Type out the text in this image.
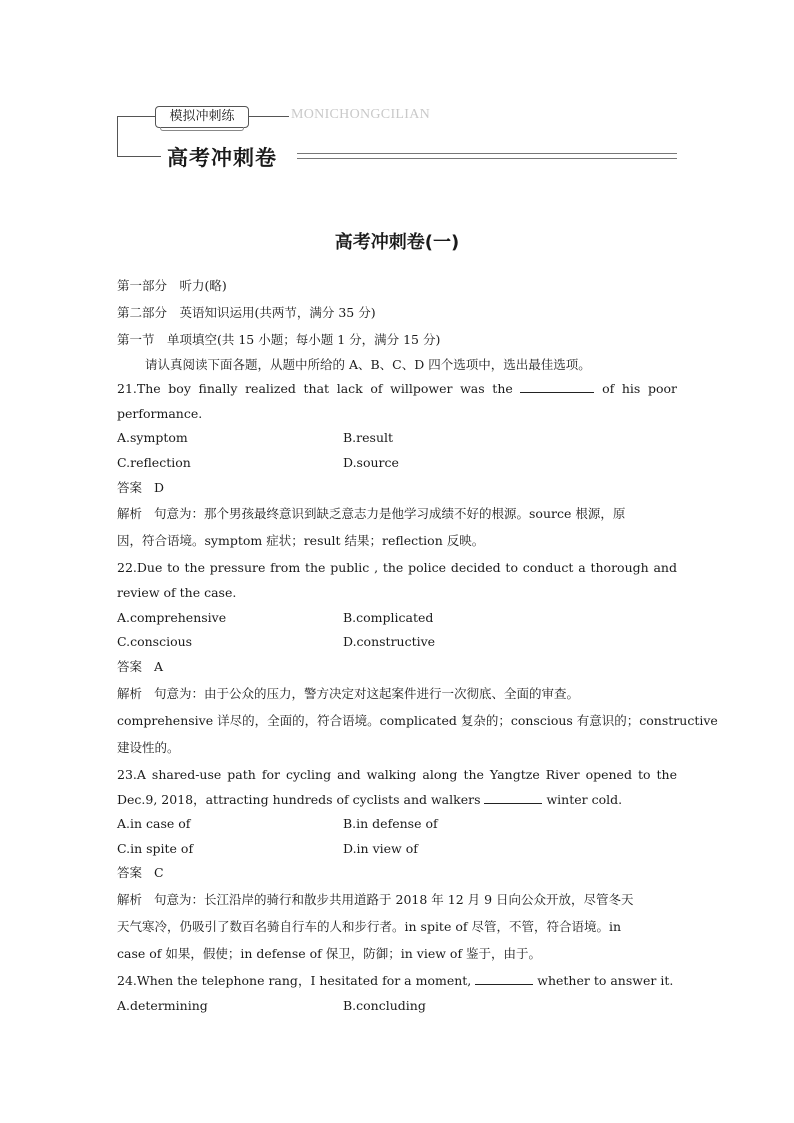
模拟冲刺练	MONICHONGCILIAN
高考冲刺卷
高考冲刺卷(一)
第一部分　听力(略)
第二部分　英语知识运用(共两节，满分 35 分)
第一节　单项填空(共 15 小题；每小题 1 分，满分 15 分)
请认真阅读下面各题，从题中所给的 A、B、C、D 四个选项中，选出最佳选项。
21.The boy finally realized that lack of willpower was the	of his poor
performance.
A.symptom	B.result
C.reflection	D.source
答案 D
解析 句意为：那个男孩最终意识到缺乏意志力是他学习成绩不好的根源。source 根源，原
因，符合语境。symptom 症状；result 结果；reflection 反映。
22.Due to the pressure from the public , the police decided to conduct a thorough and
review of the case.
A.comprehensive	B.complicated
C.conscious	D.constructive
答案 A
解析 句意为：由于公众的压力，警方决定对这起案件进行一次彻底、全面的审查。
comprehensive 详尽的，全面的，符合语境。complicated 复杂的；conscious 有意识的；constructive
建设性的。
23.A shared-use path for cycling and walking along the Yangtze River opened to the
Dec.9, 2018，attracting hundreds of cyclists and walkers	winter cold.
A.in case of	B.in defense of
C.in spite of	D.in view of
答案 C
解析 句意为：长江沿岸的骑行和散步共用道路于 2018 年 12 月 9 日向公众开放，尽管冬天
天气寒冷，仍吸引了数百名骑自行车的人和步行者。in spite of 尽管，不管，符合语境。in
case of 如果，假使；in defense of 保卫，防御；in view of 鉴于，由于。
24.When the telephone rang，I hesitated for a moment,	whether to answer it.
A.determining	B.concluding
